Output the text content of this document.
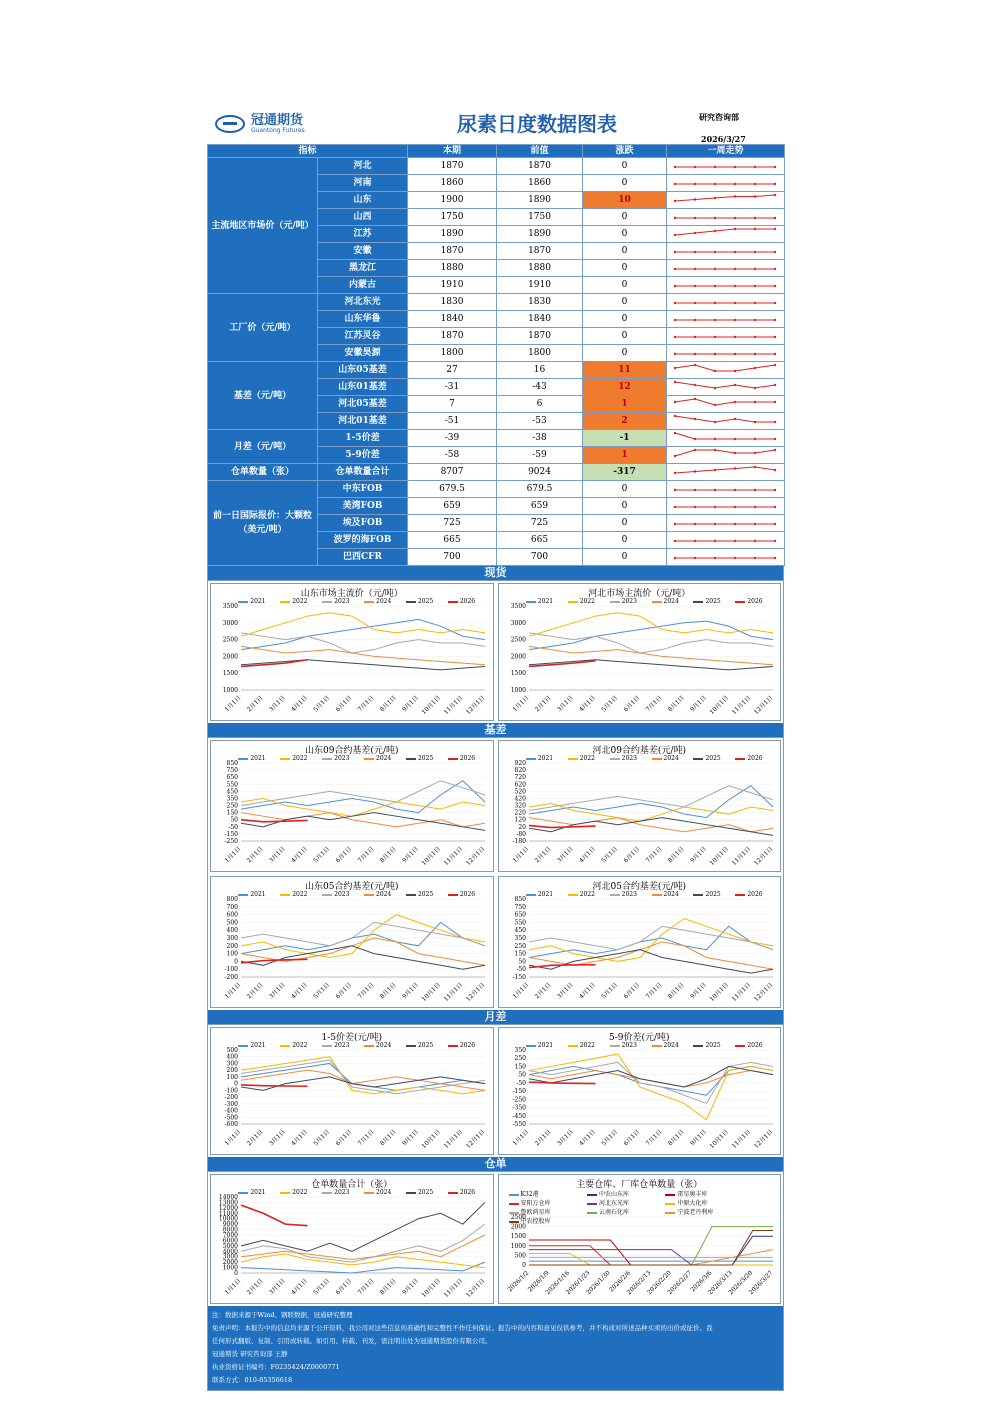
冠通期货
Guantong Futures	尿素日度数据图表	研究咨询部
2026/3/27
指标		本期	前值	涨跌	一周走势
主流地区市场价（元/吨）	河北	1870	1870	0	
	河南	1860	1860	0	
	山东	1900	1890	10	
	山西	1750	1750	0	
	江苏	1890	1890	0	
	安徽	1870	1870	0	
	黑龙江	1880	1880	0	
	内蒙古	1910	1910	0	
工厂价（元/吨）	河北东光	1830	1830	0	
	山东华鲁	1840	1840	0	
	江苏灵谷	1870	1870	0	
	安徽昊源	1800	1800	0	
基差（元/吨）	山东05基差	27	16	11	
	山东01基差	-31	-43	12	
	河北05基差	7	6	1	
	河北01基差	-51	-53	2	
月差（元/吨）	1-5价差	-39	-38	-1	
	5-9价差	-58	-59	1	
仓单数量（张）	仓单数量合计	8707	9024	-317	
前一日国际报价：大颗粒（美元/吨）	中东FOB	679.5	679.5	0	
	美湾FOB	659	659	0	
	埃及FOB	725	725	0	
	波罗的海FOB	665	665	0	
	巴西CFR	700	700	0	
现货
山东市场主流价（元/吨）
3500
3000
2500
2000
1500
1000
1月1日 2月1日 3月1日 4月1日 5月1日 6月1日 7月1日 8月1日 9月1日 10月1日 11月1日 12月1日
2021	2022	2023	2024	2025	2026
河北市场主流价（元/吨）
3500
3000
2500
2000
1500
1000
1月1日 2月1日 3月1日 4月1日 5月1日 6月1日 7月1日 8月1日 9月1日 10月1日 11月1日 12月1日
2021	2022	2023	2024	2025	2026
基差
山东09合约基差(元/吨)
850
750
650
550
450
350
250
150
50
-50
-150
-250
1月1日 2月1日 3月1日 4月1日 5月1日 6月1日 7月1日 8月1日 9月1日 10月1日 11月1日 12月1日
2021	2022	2023	2024	2025	2026
河北09合约基差(元/吨)
920
820
720
620
520
420
320
220
120
20
-80
-180
1月1日 2月1日 3月1日 4月1日 5月1日 6月1日 7月1日 8月1日 9月1日 10月1日 11月1日 12月1日
2021	2022	2023	2024	2025	2026
山东05合约基差(元/吨)
800
700
600
500
400
300
200
100
0
-100
-200
1月1日 2月1日 3月1日 4月1日 5月1日 6月1日 7月1日 8月1日 9月1日 10月1日 11月1日 12月1日
2021	2022	2023	2024	2025	2026
河北05合约基差(元/吨)
850
750
650
550
450
350
250
150
50
-50
-150
1月1日 2月1日 3月1日 4月1日 5月1日 6月1日 7月1日 8月1日 9月1日 10月1日 11月1日 12月1日
2021	2022	2023	2024	2025	2026
月差
1-5价差(元/吨)
500
400
300
200
100
0
-100
-200
-300
-400
-500
-600
1月1日 2月1日 3月1日 4月1日 5月1日 6月1日 7月1日 8月1日 9月1日 10月1日 11月1日 12月1日
2021	2022	2023	2024	2025	2026
5-9价差(元/吨)
350
250
150
50
-50
-150
-250
-350
-450
-550
1月1日 2月1日 3月1日 4月1日 5月1日 6月1日 7月1日 8月1日 9月1日 10月1日 11月1日 12月1日
2021	2022	2023	2024	2025	2026
仓单
仓单数量合计（张）
14000
13000
12000
11000
10000
9000
8000
7000
6000
5000
4000
3000
2000
1000
0
1月1日 2月1日 3月1日 4月1日 5月1日 6月1日 7月1日 8月1日 9月1日 10月1日 11月1日 12月1日
2021	2022	2023	2024	2025	2026
主要仓库、厂库仓单数量（张）
2500
2000
1500
1000
500
0
2026/1/2
2026/1/9
2026/1/16
2026/1/23
2026/1/30
2026/2/6
2026/2/13
2026/2/20
2026/2/27
2026/3/6
2026/3/13
2026/3/20
2026/3/27
K32港	中农山东库	雷星奥丰库
安阳万仓库	河北东光库	中原大化库
鲁欧鸿星库	云南石化库	宁波老丹利库
中农控股库
注：数据来源于Wind、钢联数据，冠通研究整理
免责声明：本报告中的信息均来源于公开资料，我公司对这些信息的准确性和完整性不作任何保证。报告中的内容和意见仅供参考，并不构成对所述品种买卖的出价或征价。我
任何形式翻版、复制、引用或转载。如引用、转载、刊发，需注明出处为冠通期货股份有限公司。
冠通期货 研究咨询部 王静
执业资格证书编号：F0235424/Z0000771
联系方式：010-85356618
